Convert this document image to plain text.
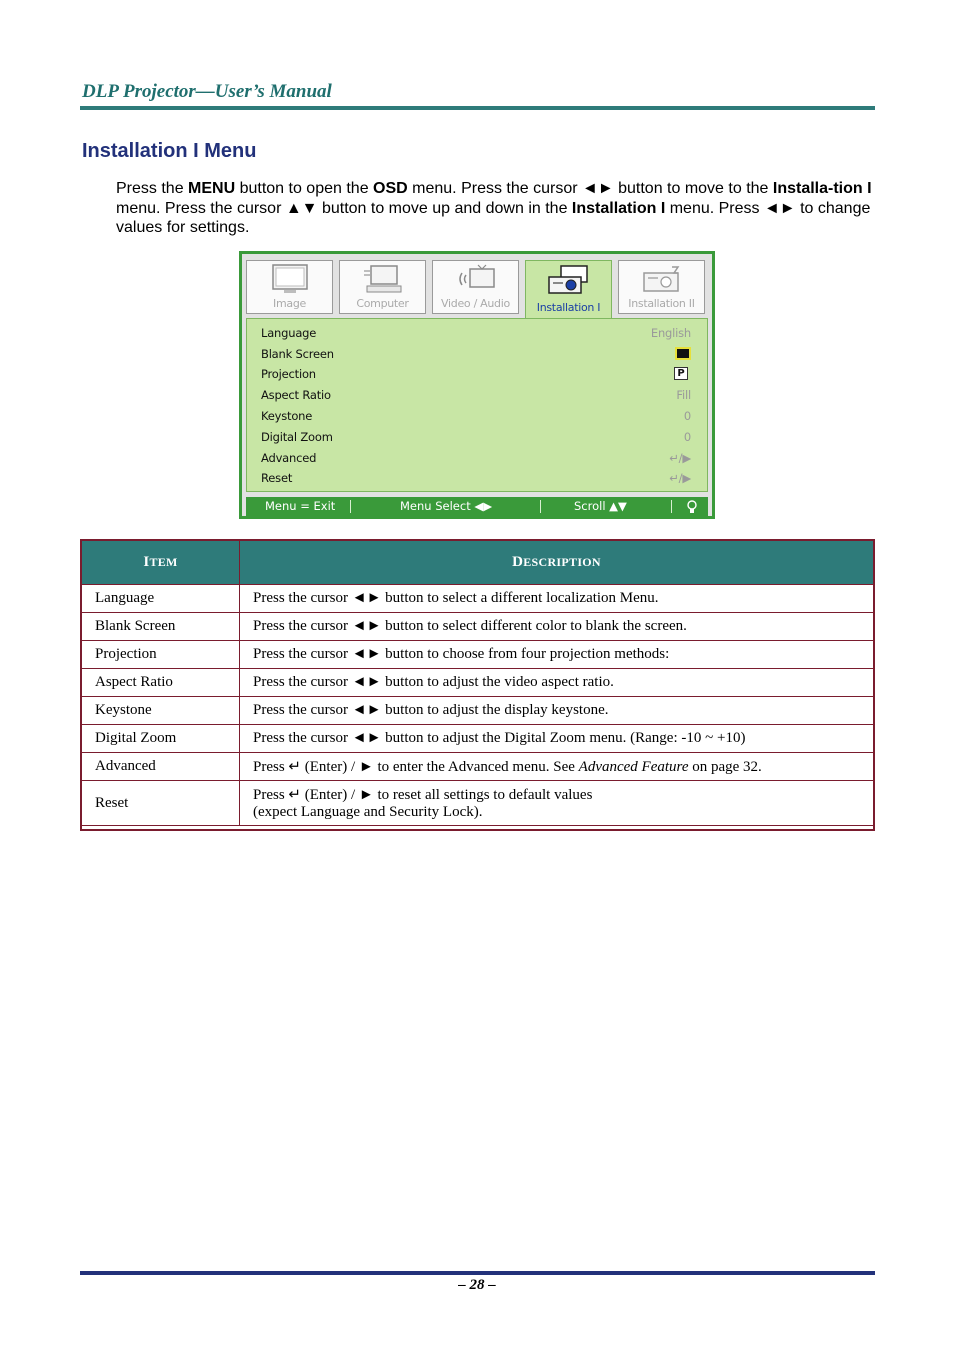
DLP Projector—User’s Manual
Installation I Menu

Press the MENU button to open the OSD menu. Press the cursor ◄► button to move to the Installa-tion I menu. Press the cursor ▲▼ button to move up and down in the Installation I menu. Press ◄► to change values for settings.

Image	Computer	Video / Audio	Installation I	Installation II
Language	English
Blank Screen
Projection	P
Aspect Ratio	Fill
Keystone	0
Digital Zoom	0
Advanced	↵/▶
Reset	↵/▶
Menu = Exit	Menu Select ◀▶	Scroll ▲▼
ITEM	DESCRIPTION
Language	Press the cursor ◄► button to select a different localization Menu.
Blank Screen	Press the cursor ◄► button to select different color to blank the screen.
Projection	Press the cursor ◄► button to choose from four projection methods:
Aspect Ratio	Press the cursor ◄► button to adjust the video aspect ratio.
Keystone	Press the cursor ◄► button to adjust the display keystone.
Digital Zoom	Press the cursor ◄► button to adjust the Digital Zoom menu. (Range: -10 ~ +10)
Advanced	Press ↵ (Enter) / ► to enter the Advanced menu. See Advanced Feature on page 32.
Reset	Press ↵ (Enter) / ► to reset all settings to default values
(expect Language and Security Lock).
– 28 –
